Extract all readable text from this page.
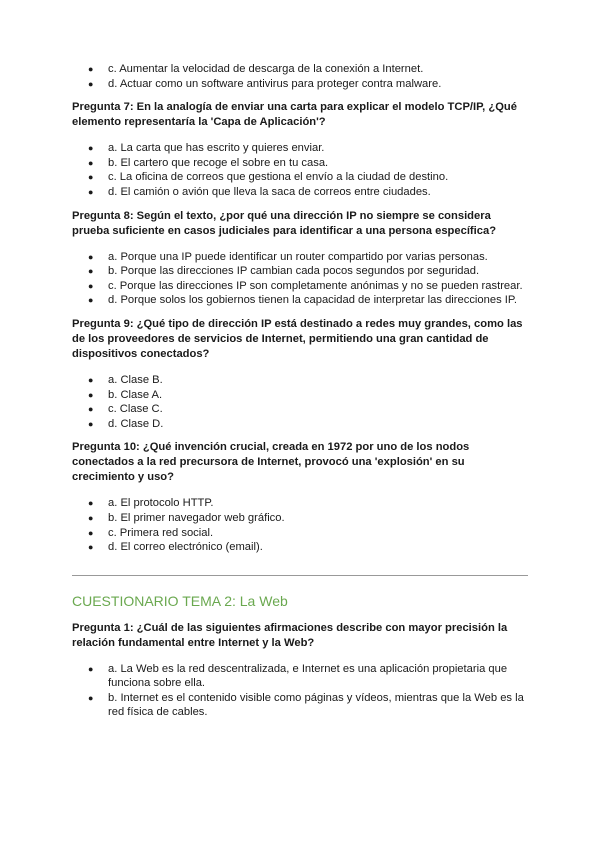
● c. Aumentar la velocidad de descarga de la conexión a Internet.
● d. Actuar como un software antivirus para proteger contra malware.

Pregunta 7: En la analogía de enviar una carta para explicar el modelo TCP/IP, ¿Qué elemento representaría la 'Capa de Aplicación'?

● a. La carta que has escrito y quieres enviar.
● b. El cartero que recoge el sobre en tu casa.
● c. La oficina de correos que gestiona el envío a la ciudad de destino.
● d. El camión o avión que lleva la saca de correos entre ciudades.

Pregunta 8: Según el texto, ¿por qué una dirección IP no siempre se considera prueba suficiente en casos judiciales para identificar a una persona específica?

● a. Porque una IP puede identificar un router compartido por varias personas.
● b. Porque las direcciones IP cambian cada pocos segundos por seguridad.
● c. Porque las direcciones IP son completamente anónimas y no se pueden rastrear.
● d. Porque solos los gobiernos tienen la capacidad de interpretar las direcciones IP.

Pregunta 9: ¿Qué tipo de dirección IP está destinado a redes muy grandes, como las de los proveedores de servicios de Internet, permitiendo una gran cantidad de dispositivos conectados?

● a. Clase B.
● b. Clase A.
● c. Clase C.
● d. Clase D.

Pregunta 10: ¿Qué invención crucial, creada en 1972 por uno de los nodos conectados a la red precursora de Internet, provocó una 'explosión' en su crecimiento y uso?

● a. El protocolo HTTP.
● b. El primer navegador web gráfico.
● c. Primera red social.
● d. El correo electrónico (email).

CUESTIONARIO TEMA 2: La Web

Pregunta 1: ¿Cuál de las siguientes afirmaciones describe con mayor precisión la relación fundamental entre Internet y la Web?

● a. La Web es la red descentralizada, e Internet es una aplicación propietaria que funciona sobre ella.
● b. Internet es el contenido visible como páginas y vídeos, mientras que la Web es la red física de cables.
